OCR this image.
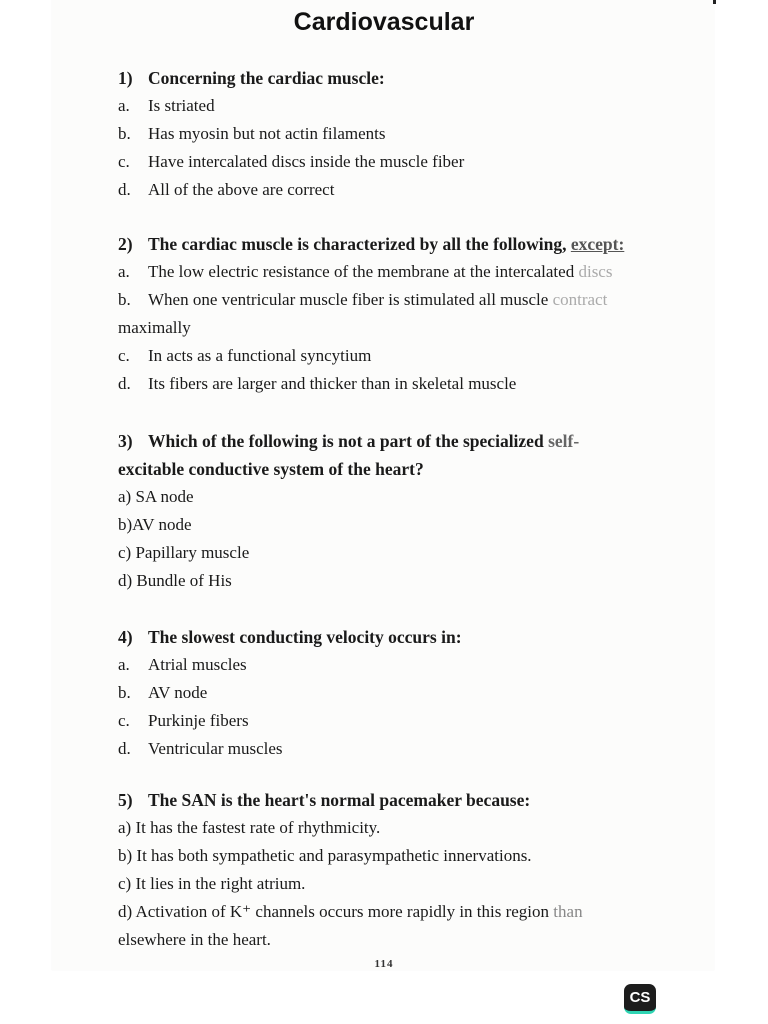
Cardiovascular

1) Concerning the cardiac muscle:

a. Is striated

b. Has myosin but not actin filaments

c. Have intercalated discs inside the muscle fiber

d. All of the above are correct

2) The cardiac muscle is characterized by all the following, except:

a. The low electric resistance of the membrane at the intercalated discs

b. When one ventricular muscle fiber is stimulated all muscle contract

maximally

c. In acts as a functional syncytium

d. Its fibers are larger and thicker than in skeletal muscle

3) Which of the following is not a part of the specialized self-

excitable conductive system of the heart?

a) SA node

b)AV node

c) Papillary muscle

d) Bundle of His

4) The slowest conducting velocity occurs in:

a. Atrial muscles

b. AV node

c. Purkinje fibers

d. Ventricular muscles

5) The SAN is the heart's normal pacemaker because:

a) It has the fastest rate of rhythmicity.

b) It has both sympathetic and parasympathetic innervations.

c) It lies in the right atrium.

d) Activation of K⁺ channels occurs more rapidly in this region than

elsewhere in the heart.

114
CS
